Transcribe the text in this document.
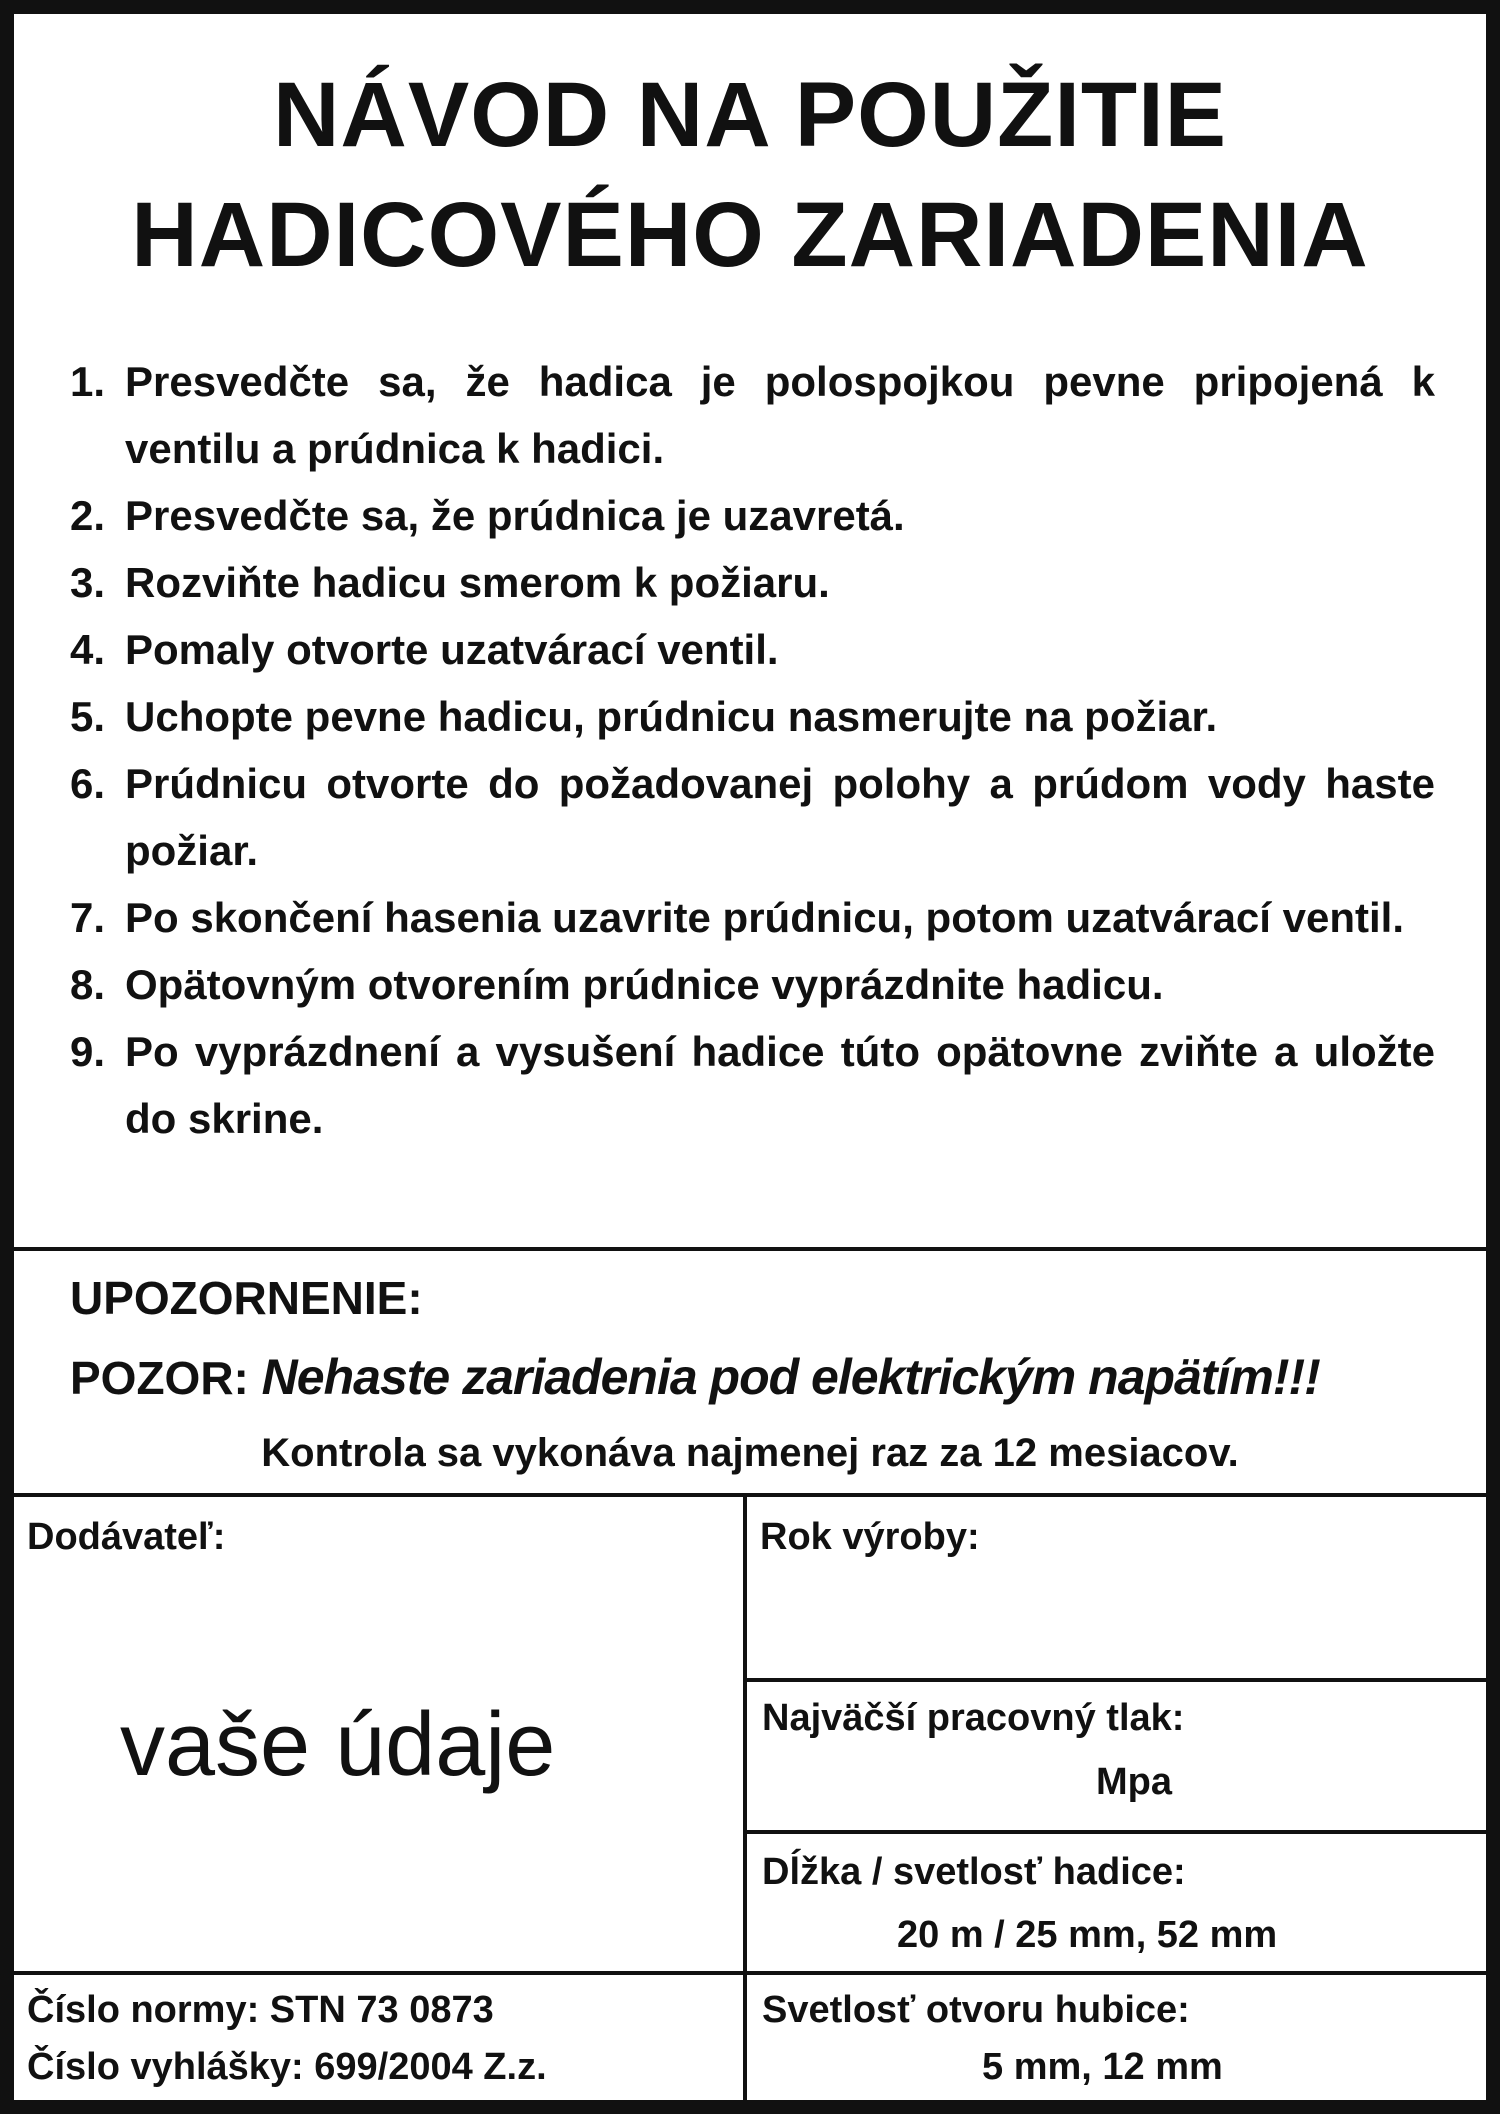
NÁVOD NA POUŽITIE
HADICOVÉHO ZARIADENIA
1. Presvedčte sa, že hadica je polospojkou pevne pripojená k ventilu a prúdnica k hadici.
2. Presvedčte sa, že prúdnica je uzavretá.
3. Rozviňte hadicu smerom k požiaru.
4. Pomaly otvorte uzatvárací ventil.
5. Uchopte pevne hadicu, prúdnicu nasmerujte na požiar.
6. Prúdnicu otvorte do požadovanej polohy a prúdom vody haste požiar.
7. Po skončení hasenia uzavrite prúdnicu, potom uzatvárací ventil.
8. Opätovným otvorením prúdnice vyprázdnite hadicu.
9. Po vyprázdnení a vysušení hadice túto opätovne zviňte a uložte do skrine.
UPOZORNENIE:
POZOR: Nehaste zariadenia pod elektrickým napätím!!!
Kontrola sa vykonáva najmenej raz za 12 mesiacov.
Dodávateľ:
vaše údaje
Rok výroby:
Najväčší pracovný tlak:
Mpa
Dĺžka / svetlosť hadice:
20 m / 25 mm, 52 mm
Číslo normy: STN 73 0873
Číslo vyhlášky: 699/2004 Z.z.
Svetlosť otvoru hubice:
5 mm, 12 mm
